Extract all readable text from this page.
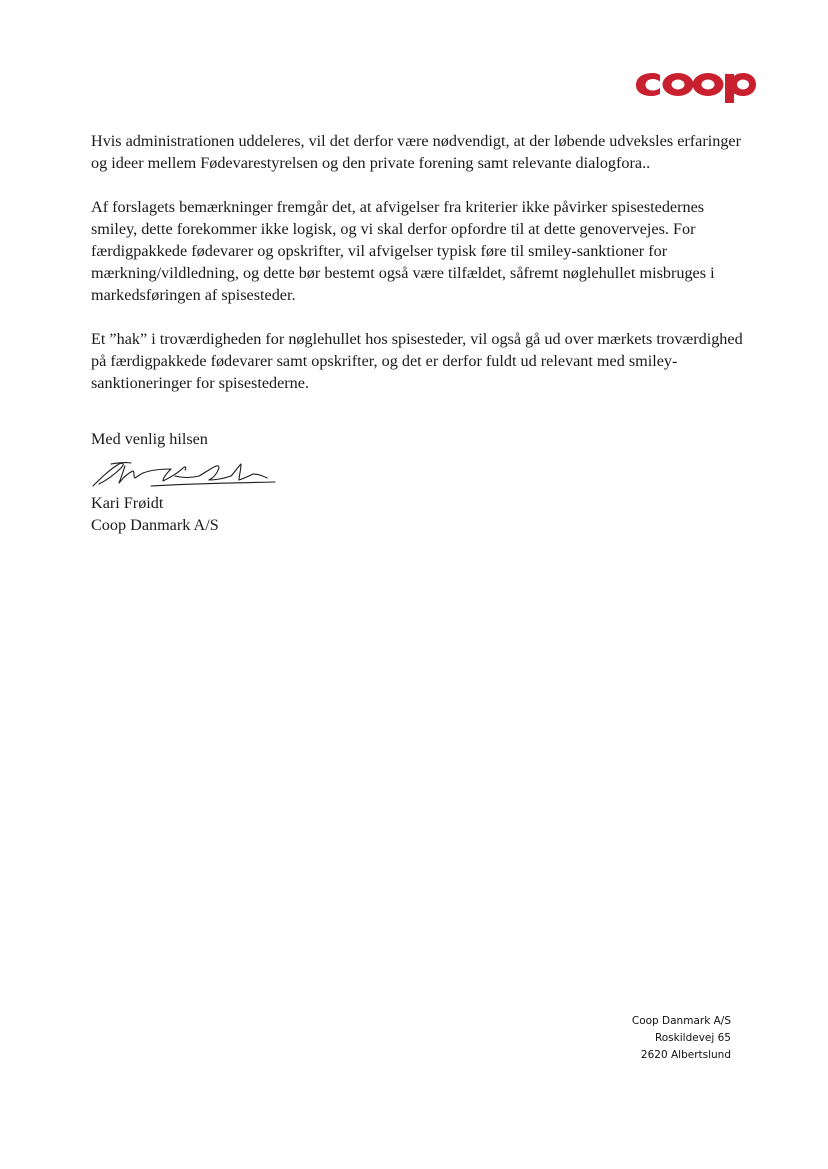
Hvis administrationen uddeleres, vil det derfor være nødvendigt, at der løbende udveksles erfaringer og ideer mellem Fødevarestyrelsen og den private forening samt relevante dialogfora..

Af forslagets bemærkninger fremgår det, at afvigelser fra kriterier ikke påvirker spisestedernes smiley, dette forekommer ikke logisk, og vi skal derfor opfordre til at dette genovervejes. For færdigpakkede fødevarer og opskrifter, vil afvigelser typisk føre til smiley-sanktioner for mærkning/vildledning, og dette bør bestemt også være tilfældet, såfremt nøglehullet misbruges i markedsføringen af spisesteder.

Et ”hak” i troværdigheden for nøglehullet hos spisesteder, vil også gå ud over mærkets troværdighed på færdigpakkede fødevarer samt opskrifter, og det er derfor fuldt ud relevant med smiley-sanktioneringer for spisestederne.

Med venlig hilsen
Kari Frøidt
Coop Danmark A/S
Coop Danmark A/S
Roskildevej 65
2620 Albertslund
